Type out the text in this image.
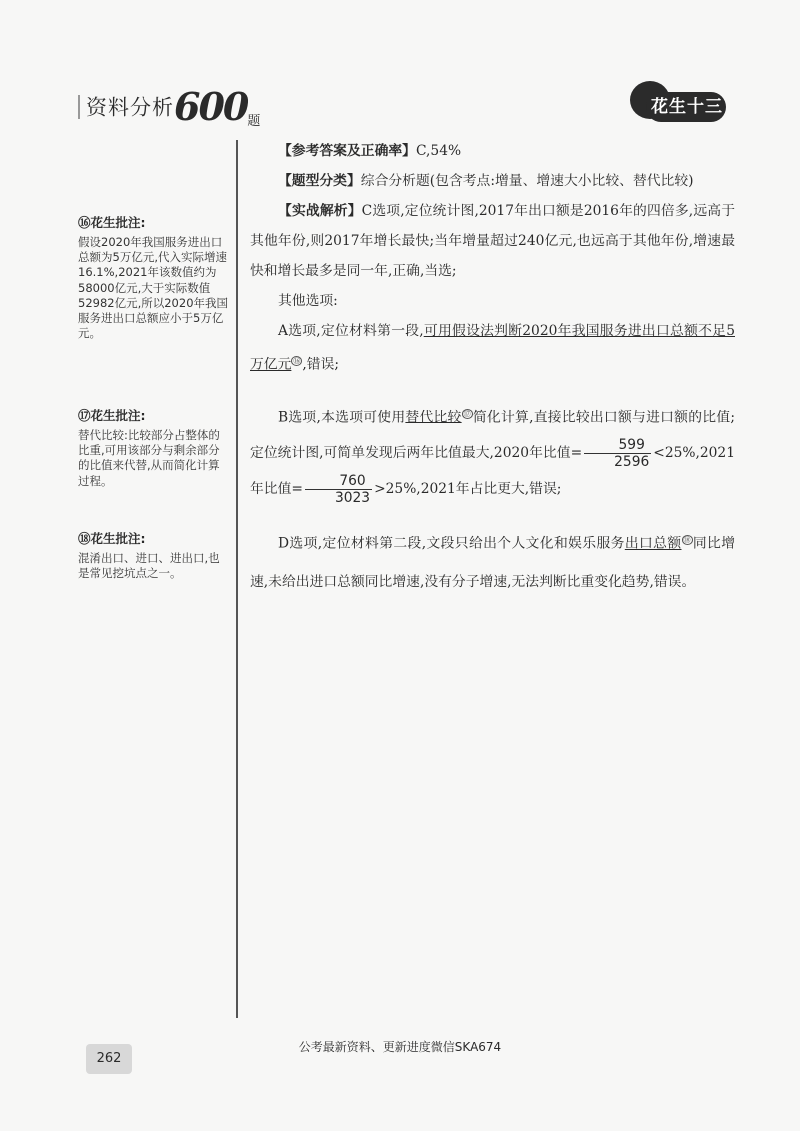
资料分析600题
花生十三
⑯花生批注:
假设2020年我国服务进出口总额为5万亿元,代入实际增速16.1%,2021年该数值约为58000亿元,大于实际数值52982亿元,所以2020年我国服务进出口总额应小于5万亿元。
⑰花生批注:
替代比较:比较部分占整体的比重,可用该部分与剩余部分的比值来代替,从而简化计算过程。
⑱花生批注:
混淆出口、进口、进出口,也是常见挖坑点之一。

【参考答案及正确率】C,54%

【题型分类】综合分析题(包含考点:增量、增速大小比较、替代比较)

【实战解析】C选项,定位统计图,2017年出口额是2016年的四倍多,远高于其他年份,则2017年增长最快;当年增量超过240亿元,也远高于其他年份,增速最快和增长最多是同一年,正确,当选;

其他选项:

A选项,定位材料第一段,可用假设法判断2020年我国服务进出口总额不足5万亿元 ⑯ ,错误;

B选项,本选项可使用替代比较 ⑰ 简化计算,直接比较出口额与进口额的比值;定位统计图,可简单发现后两年比值最大,2020年比值= $\frac{599}{2596} <25\%,2021$年比值= $\frac{760}{3023} >25\%,2021$年占比更大,错误;

D选项,定位材料第二段,文段只给出个人文化和娱乐服务出口总额 ⑱ 同比增速,未给出进口总额同比增速,没有分子增速,无法判断比重变化趋势,错误。

公考最新资料、更新进度微信SKA674
262
